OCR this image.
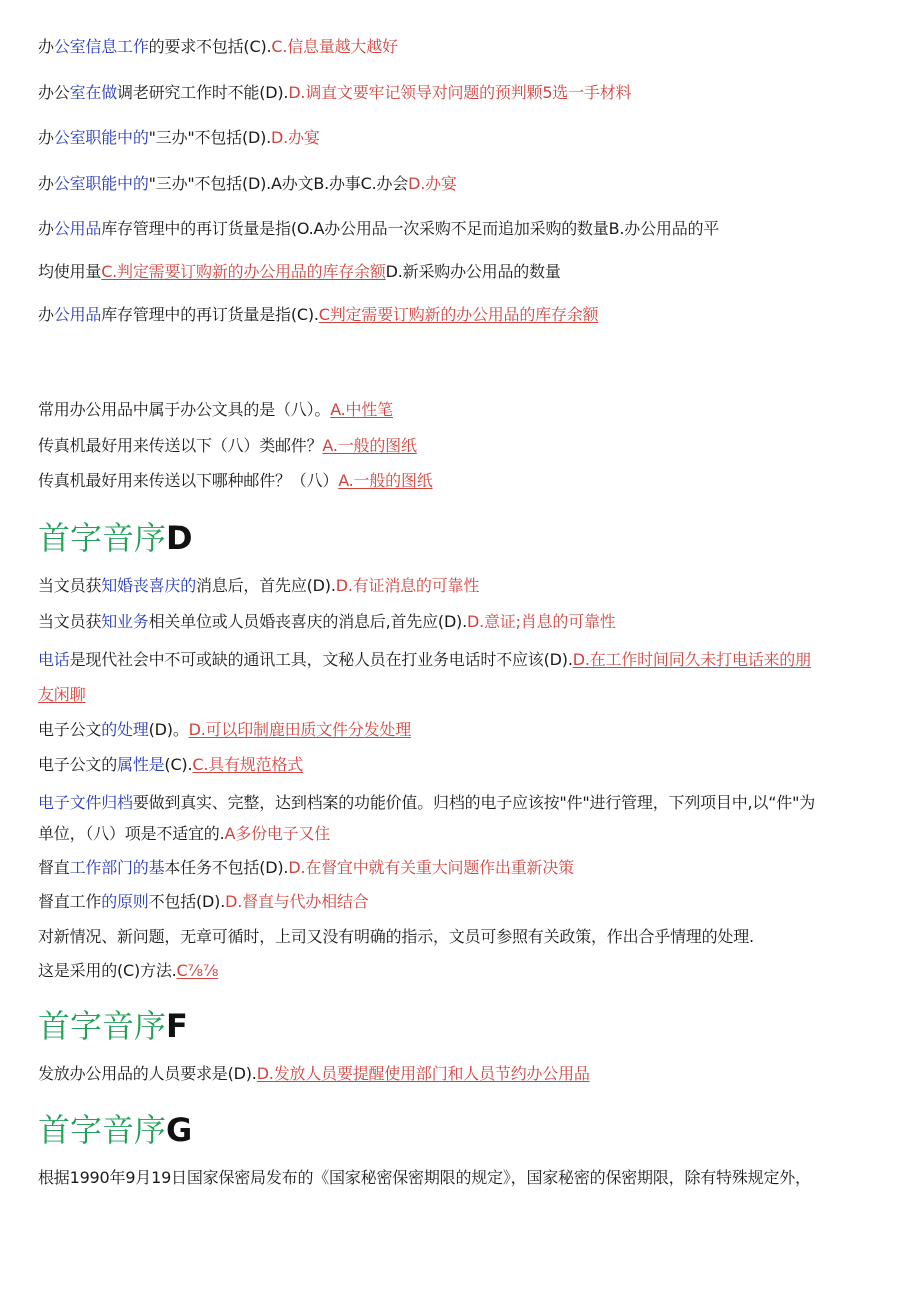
办公室信息工作的要求不包括(C).C.信息量越大越好
办公室在做调老研究工作时不能(D).D.调直文要牢记领导对问题的预判颗5选一手材料
办公室职能中的"三办"不包括(D).D.办宴
办公室职能中的"三办"不包括(D).A办文B.办事C.办会D.办宴
办公用品库存管理中的再订货量是指(O.A办公用品一次采购不足而追加采购的数量B.办公用品的平
均使用量C.判定需要订购新的办公用品的库存余额D.新采购办公用品的数量
办公用品库存管理中的再订货量是指(C).C判定需要订购新的办公用品的库存余额
常用办公用品中属于办公文具的是（八）。A.中性笔
传真机最好用来传送以下（八）类邮件？A.一般的图纸
传真机最好用来传送以下哪种邮件？（八）A.一般的图纸
首字音序D
当文员获知婚丧喜庆的消息后，首先应(D).D.有证消息的可靠性
当文员获知业务相关单位或人员婚丧喜庆的消息后,首先应(D).D.意证;肖息的可靠性
电话是现代社会中不可或缺的通讯工具，文秘人员在打业务电话时不应该(D).D.在工作时间同久未打电话来的朋
友闲聊
电子公文的处理(D)。D.可以印制鹿田质文件分发处理
电子公文的属性是(C).C.具有规范格式
电子文件归档要做到真实、完整，达到档案的功能价值。归档的电子应该按"件"进行管理，下列项目中,以“件"为
单位，（八）项是不适宜的.A多份电子又住
督直工作部门的基本任务不包括(D).D.在督宜中就有关重大问题作出重新决策
督直工作的原则不包括(D).D.督直与代办相结合
对新情况、新问题，无章可循时，上司又没有明确的指示，文员可参照有关政策，作出合乎情理的处理.
这是采用的(C)方法.C⅞⅞
首字音序F
发放办公用品的人员要求是(D).D.发放人员要提醒使用部门和人员节约办公用品
首字音序G
根据1990年9月19日国家保密局发布的《国家秘密保密期限的规定》，国家秘密的保密期限，除有特殊规定外，
